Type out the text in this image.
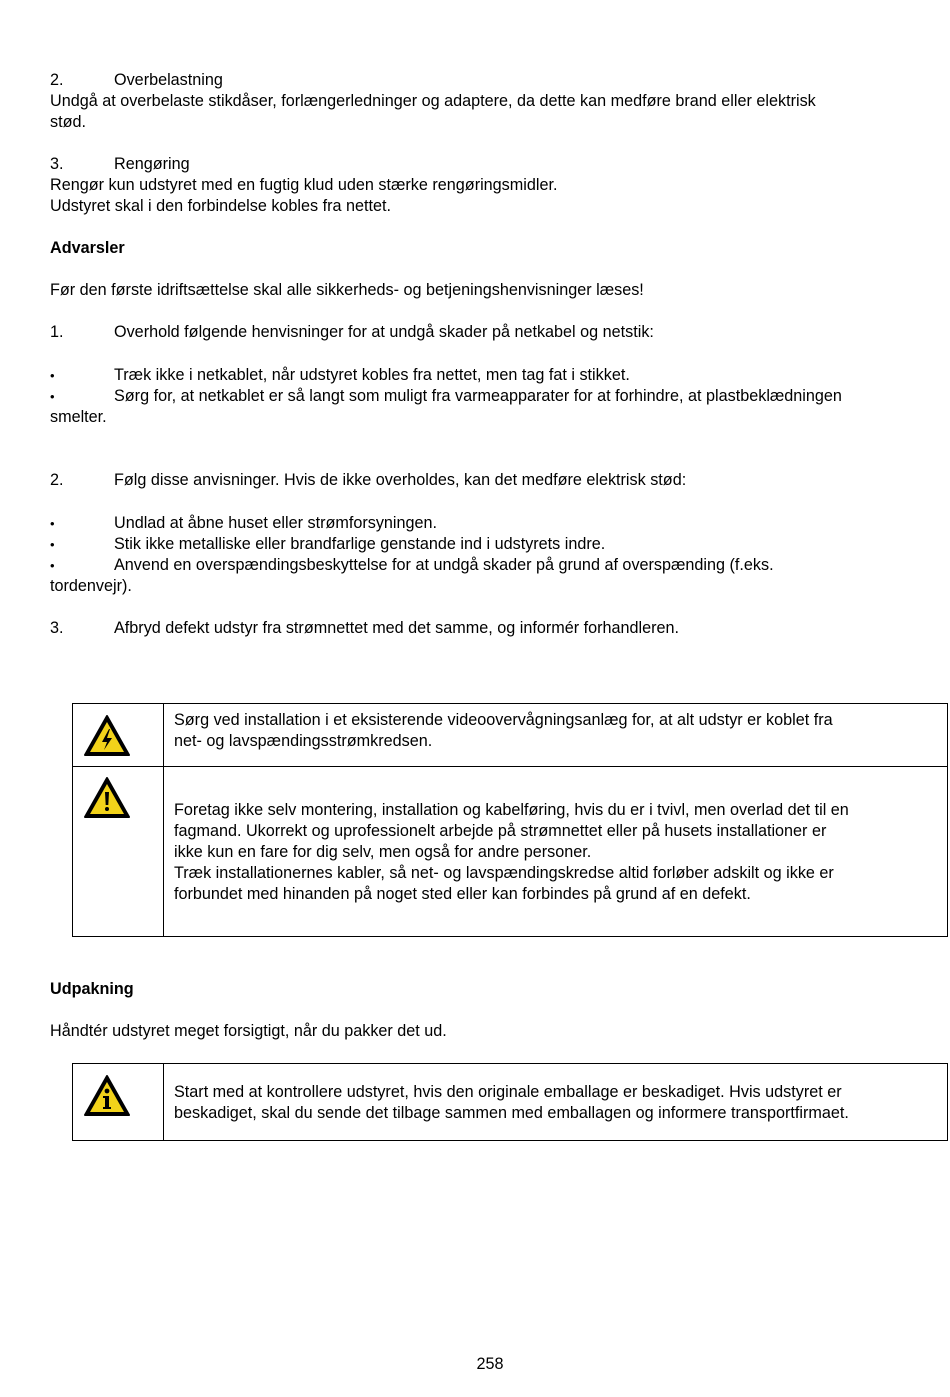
2.	Overbelastning
Undgå at overbelaste stikdåser, forlængerledninger og adaptere, da dette kan medføre brand eller elektrisk
stød.
3.	Rengøring
Rengør kun udstyret med en fugtig klud uden stærke rengøringsmidler.
Udstyret skal i den forbindelse kobles fra nettet.
Advarsler
Før den første idriftsættelse skal alle sikkerheds- og betjeningshenvisninger læses!
1.	Overhold følgende henvisninger for at undgå skader på netkabel og netstik:
•	Træk ikke i netkablet, når udstyret kobles fra nettet, men tag fat i stikket.
•	Sørg for, at netkablet er så langt som muligt fra varmeapparater for at forhindre, at plastbeklædningen
smelter.
2.	Følg disse anvisninger. Hvis de ikke overholdes, kan det medføre elektrisk stød:
•	Undlad at åbne huset eller strømforsyningen.
•	Stik ikke metalliske eller brandfarlige genstande ind i udstyrets indre.
•	Anvend en overspændingsbeskyttelse for at undgå skader på grund af overspænding (f.eks.
tordenvejr).
3.	Afbryd defekt udstyr fra strømnettet med det samme, og informér forhandleren.

Sørg ved installation i et eksisterende videoovervågningsanlæg for, at alt udstyr er koblet fra
net- og lavspændingsstrømkredsen.

Foretag ikke selv montering, installation og kabelføring, hvis du er i tvivl, men overlad det til en
fagmand. Ukorrekt og uprofessionelt arbejde på strømnettet eller på husets installationer er
ikke kun en fare for dig selv, men også for andre personer.
Træk installationernes kabler, så net- og lavspændingskredse altid forløber adskilt og ikke er
forbundet med hinanden på noget sted eller kan forbindes på grund af en defekt.
Udpakning
Håndtér udstyret meget forsigtigt, når du pakker det ud.

Start med at kontrollere udstyret, hvis den originale emballage er beskadiget. Hvis udstyret er
beskadiget, skal du sende det tilbage sammen med emballagen og informere transportfirmaet.
258
